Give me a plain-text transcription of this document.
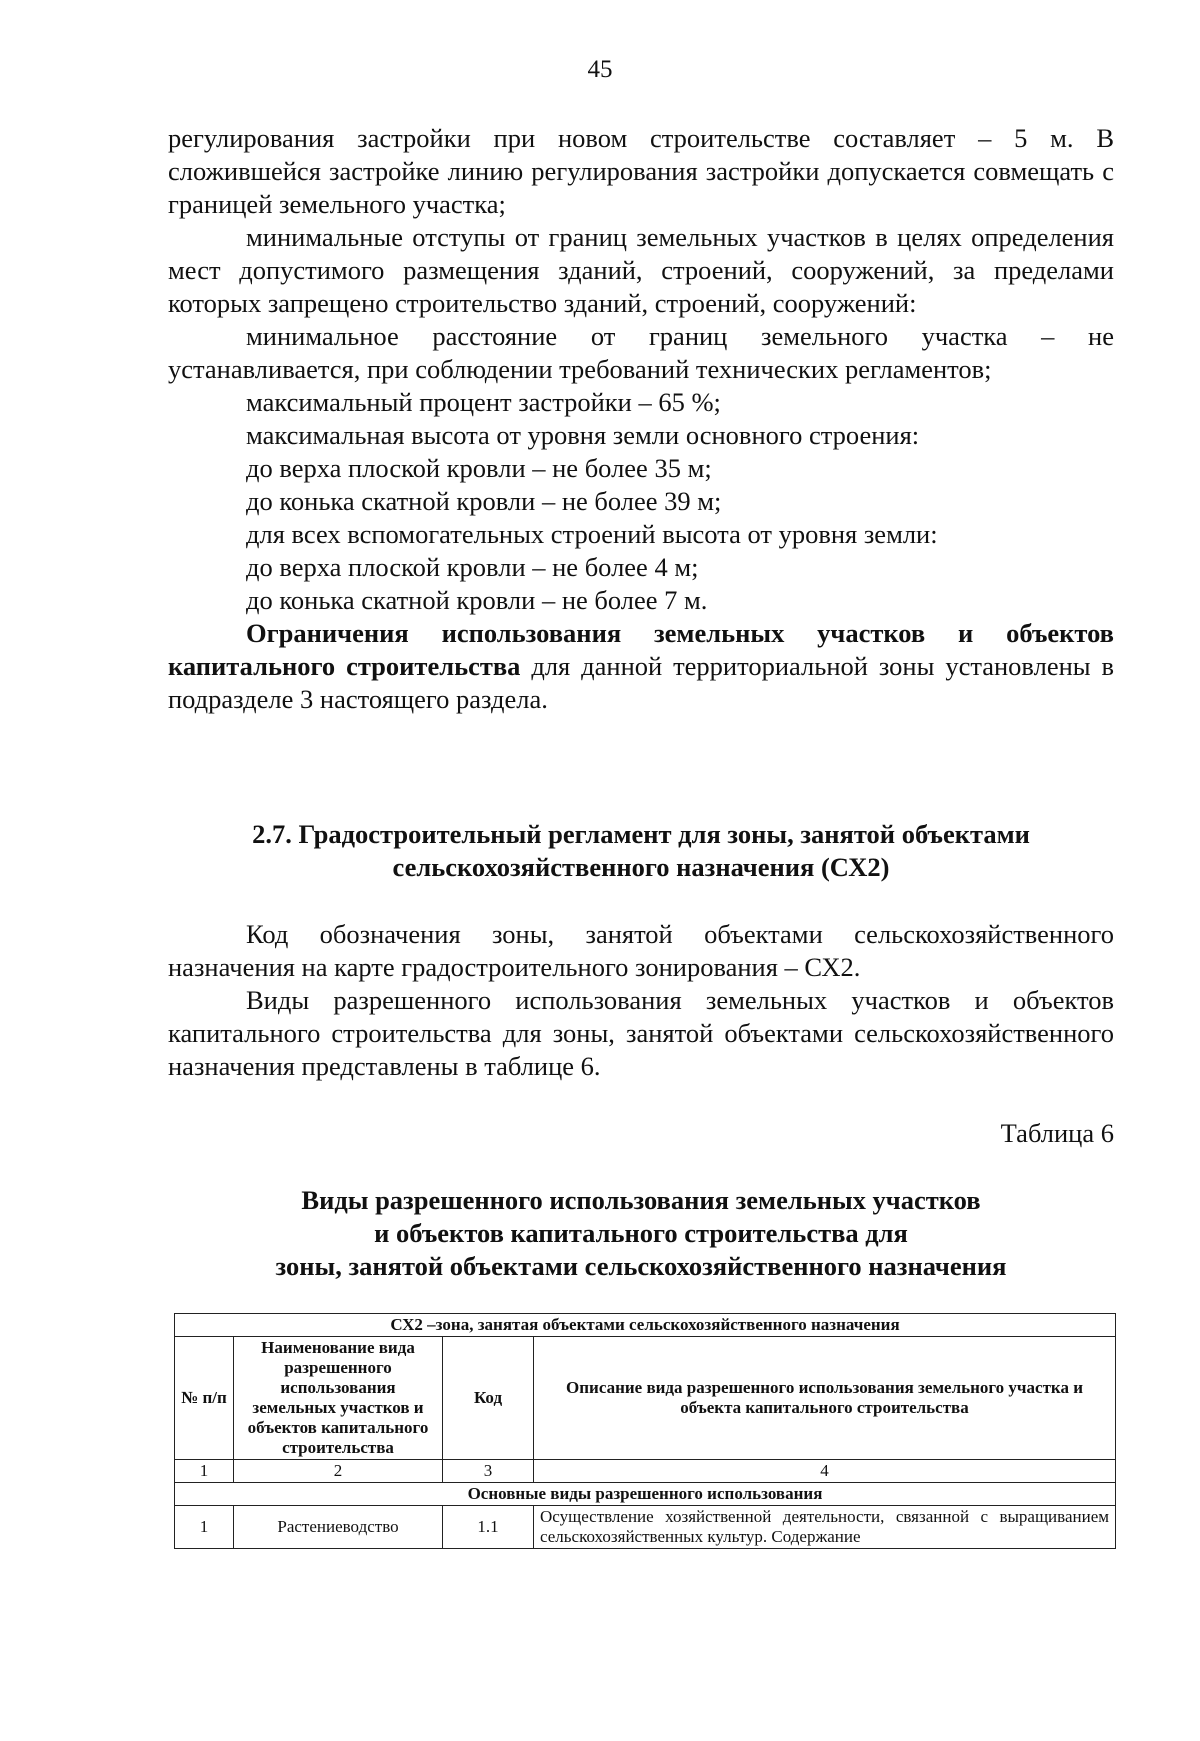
45

регулирования застройки при новом строительстве составляет – 5 м. В сложившейся застройке линию регулирования застройки допускается совмещать с границей земельного участка;

минимальные отступы от границ земельных участков в целях определения мест допустимого размещения зданий, строений, сооружений, за пределами которых запрещено строительство зданий, строений, сооружений:

минимальное расстояние от границ земельного участка – не устанавливается, при соблюдении требований технических регламентов;

максимальный процент застройки – 65 %;

максимальная высота от уровня земли основного строения:

до верха плоской кровли – не более 35 м;

до конька скатной кровли – не более 39 м;

для всех вспомогательных строений высота от уровня земли:

до верха плоской кровли – не более 4 м;

до конька скатной кровли – не более 7 м.

Ограничения использования земельных участков и объектов капитального строительства для данной территориальной зоны установлены в подразделе 3 настоящего раздела.

2.7. Градостроительный регламент для зоны, занятой объектами
сельскохозяйственного назначения (СХ2)

Код обозначения зоны, занятой объектами сельскохозяйственного назначения на карте градостроительного зонирования – СХ2.

Виды разрешенного использования земельных участков и объектов капитального строительства для зоны, занятой объектами сельскохозяйственного назначения представлены в таблице 6.

Таблица 6
Виды разрешенного использования земельных участков
и объектов капитального строительства для
зоны, занятой объектами сельскохозяйственного назначения
СХ2 –зона, занятая объектами сельскохозяйственного назначения			
№ п/п	Наименование вида разрешенного использования земельных участков и объектов капитального строительства	Код	Описание вида разрешенного использования земельного участка и объекта капитального строительства
1	2	3	4
Основные виды разрешенного использования			
1	Растениеводство	1.1	Осуществление хозяйственной деятельности, связанной с выращиванием сельскохозяйственных культур. Содержание
